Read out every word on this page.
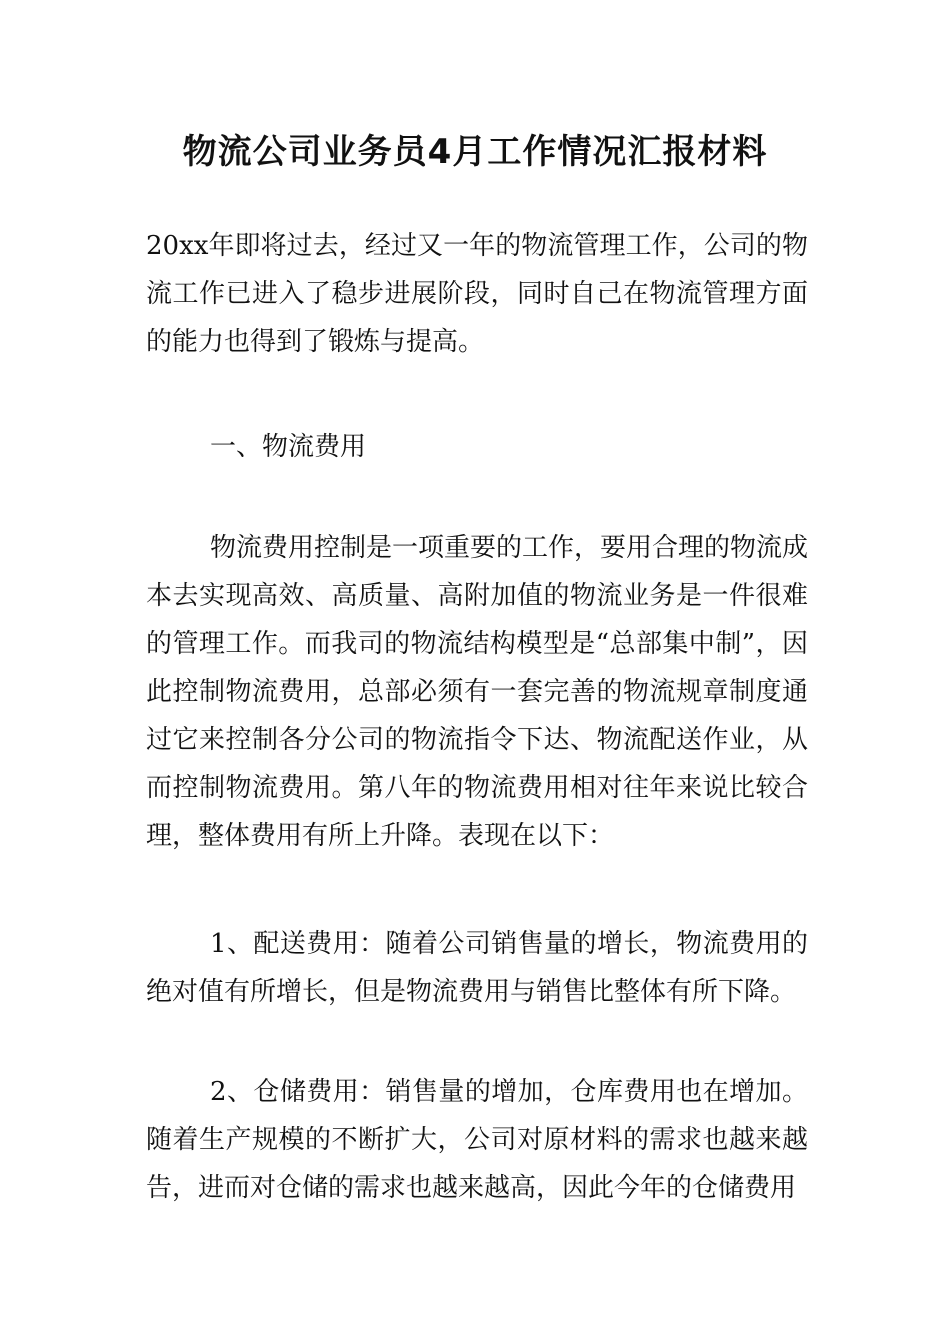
物流公司业务员4月工作情况汇报材料

20xx年即将过去，经过又一年的物流管理工作，公司的物流工作已进入了稳步进展阶段，同时自己在物流管理方面的能力也得到了锻炼与提高。

一、物流费用

物流费用控制是一项重要的工作，要用合理的物流成本去实现高效、高质量、高附加值的物流业务是一件很难的管理工作。而我司的物流结构模型是“总部集中制”，因此控制物流费用，总部必须有一套完善的物流规章制度通过它来控制各分公司的物流指令下达、物流配送作业，从而控制物流费用。第八年的物流费用相对往年来说比较合理，整体费用有所上升降。表现在以下：

1、配送费用：随着公司销售量的增长，物流费用的绝对值有所增长，但是物流费用与销售比整体有所下降。

2、仓储费用：销售量的增加，仓库费用也在增加。随着生产规模的不断扩大，公司对原材料的需求也越来越告，进而对仓储的需求也越来越高，因此今年的仓储费用
